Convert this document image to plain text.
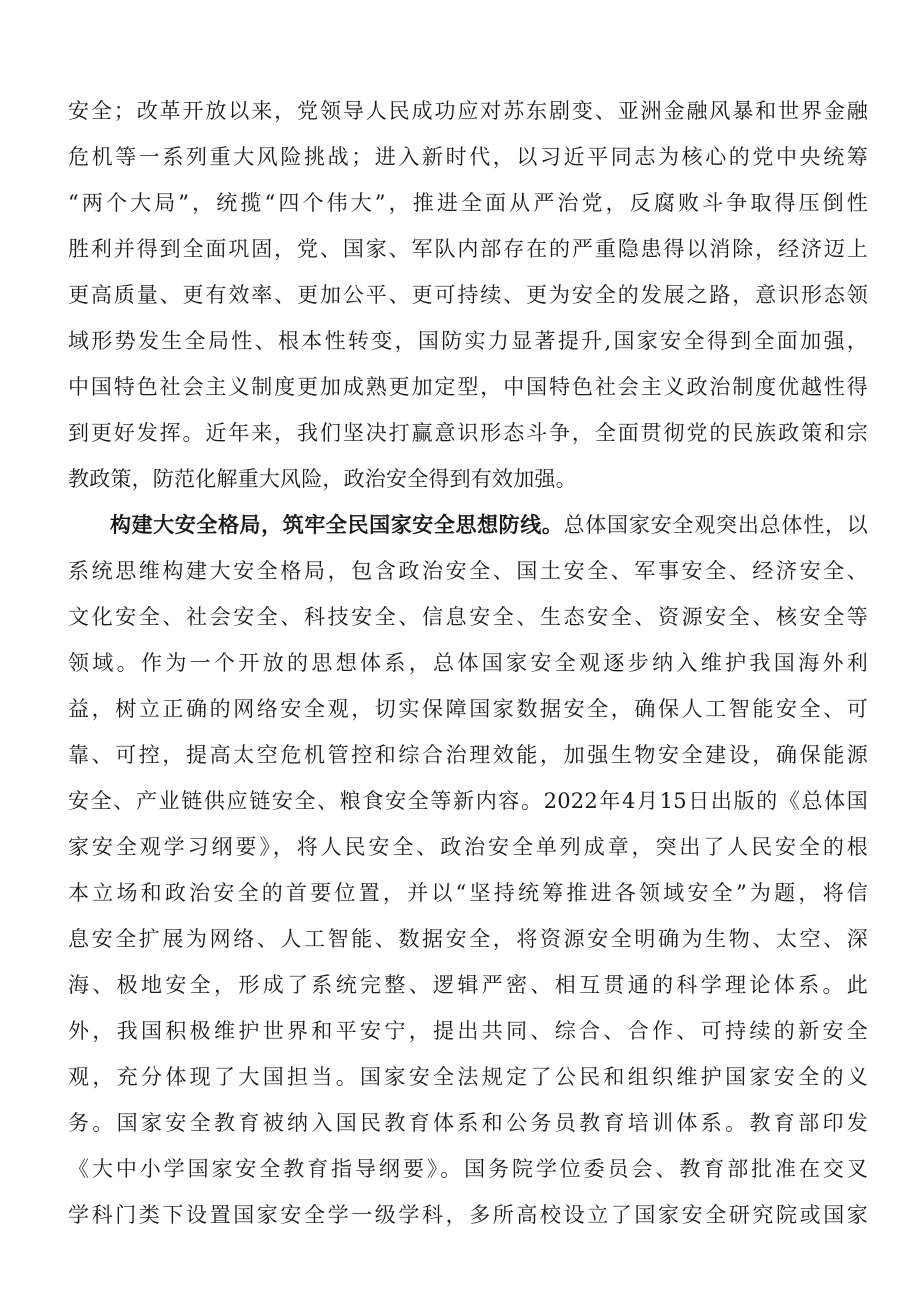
安全；改革开放以来，党领导人民成功应对苏东剧变、亚洲金融风暴和世界金融
危机等一系列重大风险挑战；进入新时代，以习近平同志为核心的党中央统筹
“两个大局”，统揽“四个伟大”，推进全面从严治党，反腐败斗争取得压倒性
胜利并得到全面巩固，党、国家、军队内部存在的严重隐患得以消除，经济迈上
更高质量、更有效率、更加公平、更可持续、更为安全的发展之路，意识形态领
域形势发生全局性、根本性转变，国防实力显著提升,国家安全得到全面加强，
中国特色社会主义制度更加成熟更加定型，中国特色社会主义政治制度优越性得
到更好发挥。近年来，我们坚决打赢意识形态斗争，全面贯彻党的民族政策和宗
教政策，防范化解重大风险，政治安全得到有效加强。
构建大安全格局，筑牢全民国家安全思想防线。总体国家安全观突出总体性，以
系统思维构建大安全格局，包含政治安全、国土安全、军事安全、经济安全、
文化安全、社会安全、科技安全、信息安全、生态安全、资源安全、核安全等
领域。作为一个开放的思想体系，总体国家安全观逐步纳入维护我国海外利
益，树立正确的网络安全观，切实保障国家数据安全，确保人工智能安全、可
靠、可控，提高太空危机管控和综合治理效能，加强生物安全建设，确保能源
安全、产业链供应链安全、粮食安全等新内容。2022年4月15日出版的《总体国
家安全观学习纲要》，将人民安全、政治安全单列成章，突出了人民安全的根
本立场和政治安全的首要位置，并以“坚持统筹推进各领域安全”为题，将信
息安全扩展为网络、人工智能、数据安全，将资源安全明确为生物、太空、深
海、极地安全，形成了系统完整、逻辑严密、相互贯通的科学理论体系。此
外，我国积极维护世界和平安宁，提出共同、综合、合作、可持续的新安全
观，充分体现了大国担当。国家安全法规定了公民和组织维护国家安全的义
务。国家安全教育被纳入国民教育体系和公务员教育培训体系。教育部印发
《大中小学国家安全教育指导纲要》。国务院学位委员会、教育部批准在交叉
学科门类下设置国家安全学一级学科，多所高校设立了国家安全研究院或国家
